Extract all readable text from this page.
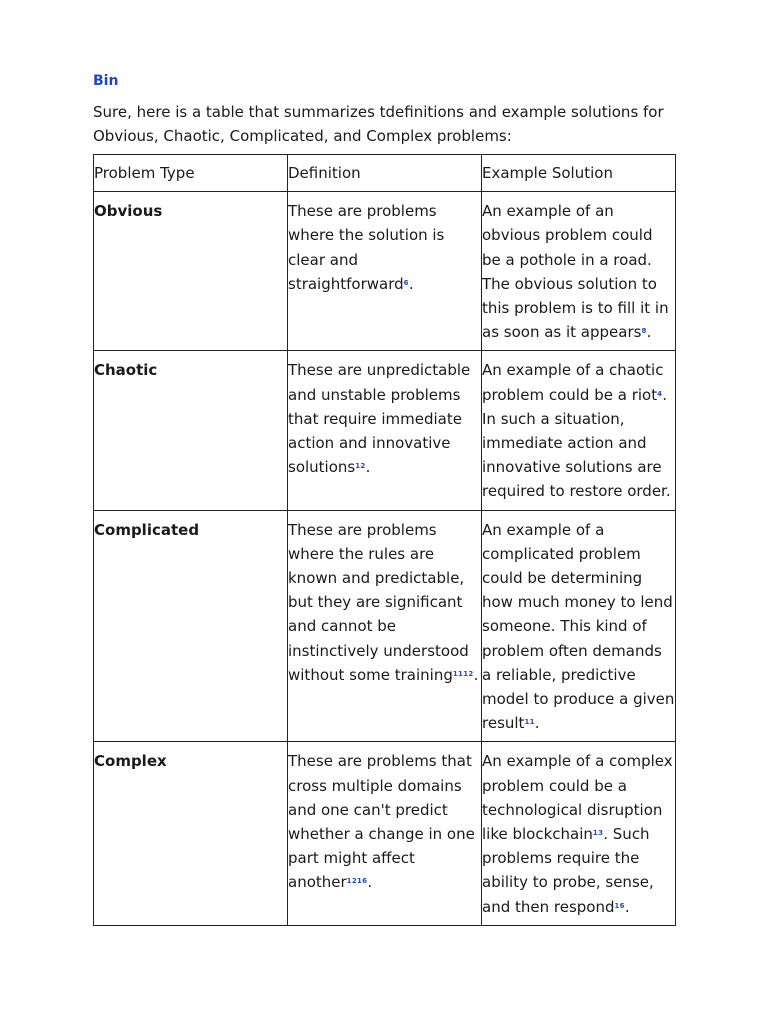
Bin
Sure, here is a table that summarizes tdefinitions and example solutions for Obvious, Chaotic, Complicated, and Complex problems:
Problem Type	Definition	Example Solution
Obvious	These are problems where the solution is clear and straightforward$^6$.	An example of an obvious problem could be a pothole in a road. The obvious solution to this problem is to fill it in as soon as it appears$^8$.
Chaotic	These are unpredictable and unstable problems that require immediate action and innovative solutions$^{12}$.	An example of a chaotic problem could be a riot$^4$. In such a situation, immediate action and innovative solutions are required to restore order.
Complicated	These are problems where the rules are known and predictable, but they are significant and cannot be instinctively understood without some training$^{1112}$.	An example of a complicated problem could be determining how much money to lend someone. This kind of problem often demands a reliable, predictive model to produce a given result$^{11}$.
Complex	These are problems that cross multiple domains and one can't predict whether a change in one part might affect another$^{1216}$.	An example of a complex problem could be a technological disruption like blockchain$^{13}$. Such problems require the ability to probe, sense, and then respond$^{16}$.
